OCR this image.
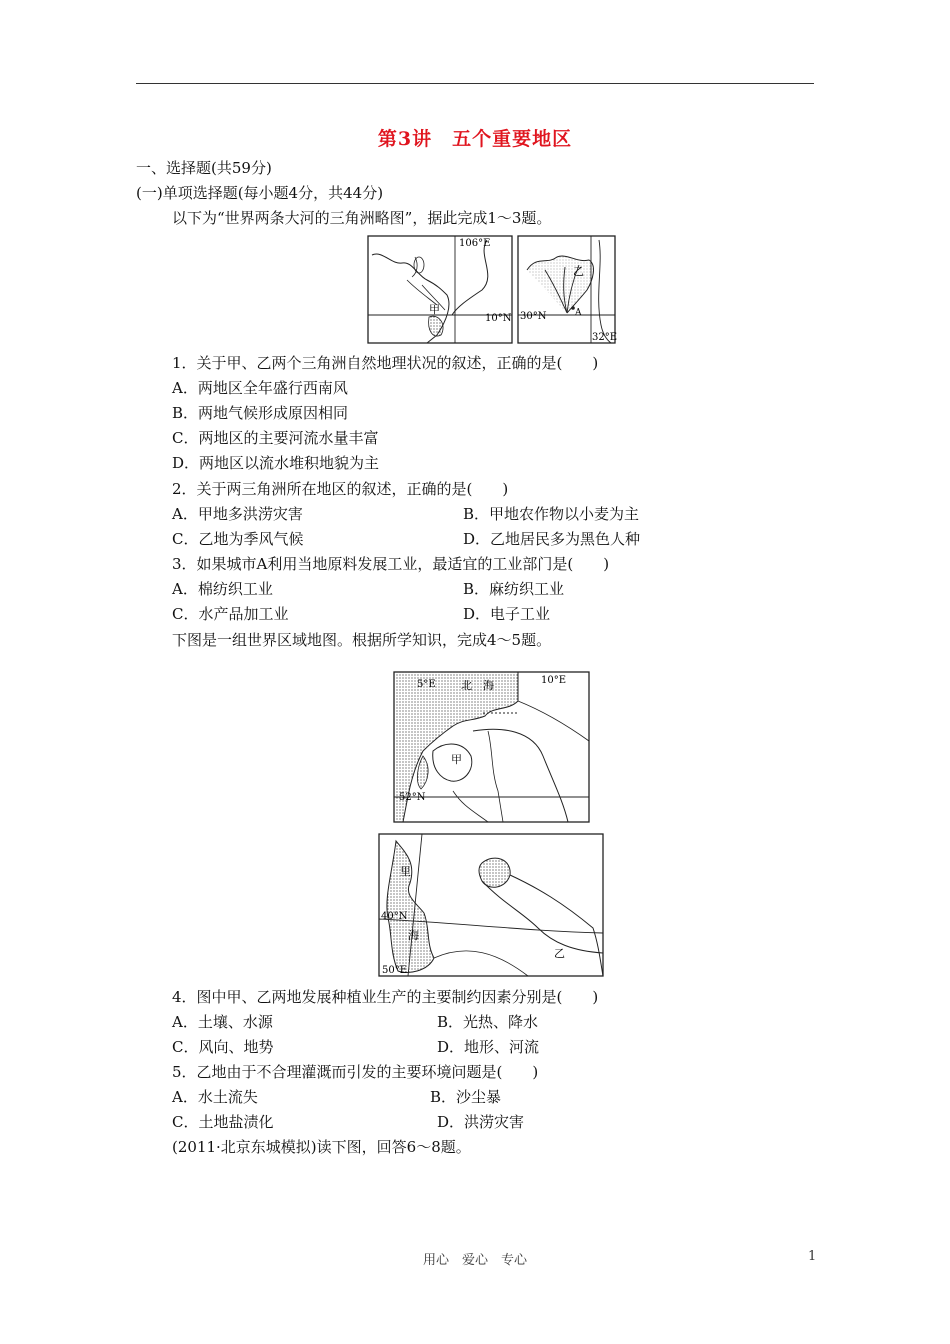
第3讲　五个重要地区
一、选择题(共59分)
(一)单项选择题(每小题4分，共44分)
以下为“世界两条大河的三角洲略图”，据此完成1～3题。
106°E
10°N
甲
30°N	A
32°E
乙
1．关于甲、乙两个三角洲自然地理状况的叙述，正确的是(　　)
A．两地区全年盛行西南风
B．两地气候形成原因相同
C．两地区的主要河流水量丰富
D．两地区以流水堆积地貌为主
2．关于两三角洲所在地区的叙述，正确的是(　　)
A．甲地多洪涝灾害	B．甲地农作物以小麦为主
C．乙地为季风气候	D．乙地居民多为黑色人种
3．如果城市A利用当地原料发展工业，最适宜的工业部门是(　　)
A．棉纺织工业	B．麻纺织工业
C．水产品加工业	D．电子工业
下图是一组世界区域地图。根据所学知识，完成4～5题。
5°E 北　海	10°E
甲
52°N
里
40°N
海
50°E
乙
4．图中甲、乙两地发展种植业生产的主要制约因素分别是(　　)
A．土壤、水源	B．光热、降水
C．风向、地势	D．地形、河流
5．乙地由于不合理灌溉而引发的主要环境问题是(　　)
A．水土流失	B．沙尘暴
C．土地盐渍化	D．洪涝灾害
(2011·北京东城模拟)读下图，回答6～8题。
用心　爱心　专心	1
